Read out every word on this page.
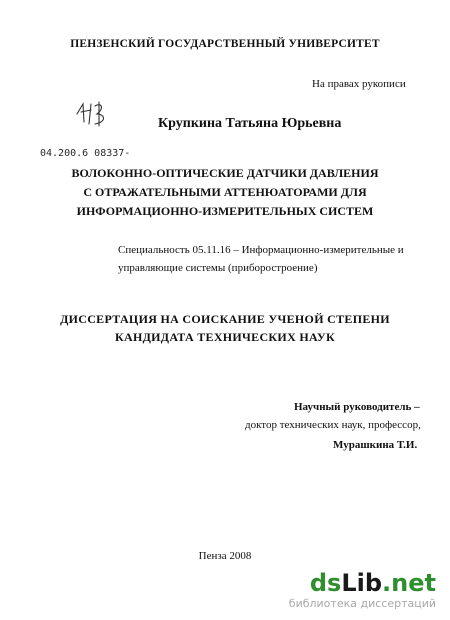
ПЕНЗЕНСКИЙ ГОСУДАРСТВЕННЫЙ УНИВЕРСИТЕТ
На правах рукописи
Крупкина Татьяна Юрьевна
04.200.6 08337-
ВОЛОКОННО-ОПТИЧЕСКИЕ ДАТЧИКИ ДАВЛЕНИЯ
С ОТРАЖАТЕЛЬНЫМИ АТТЕНЮАТОРАМИ ДЛЯ
ИНФОРМАЦИОННО-ИЗМЕРИТЕЛЬНЫХ СИСТЕМ
Специальность 05.11.16 – Информационно-измерительные и
управляющие системы (приборостроение)
ДИССЕРТАЦИЯ НА СОИСКАНИЕ УЧЕНОЙ СТЕПЕНИ
КАНДИДАТА ТЕХНИЧЕСКИХ НАУК
Научный руководитель –
доктор технических наук, профессор,
Мурашкина Т.И.
Пенза 2008
dsLib.net
библиотека диссертаций
